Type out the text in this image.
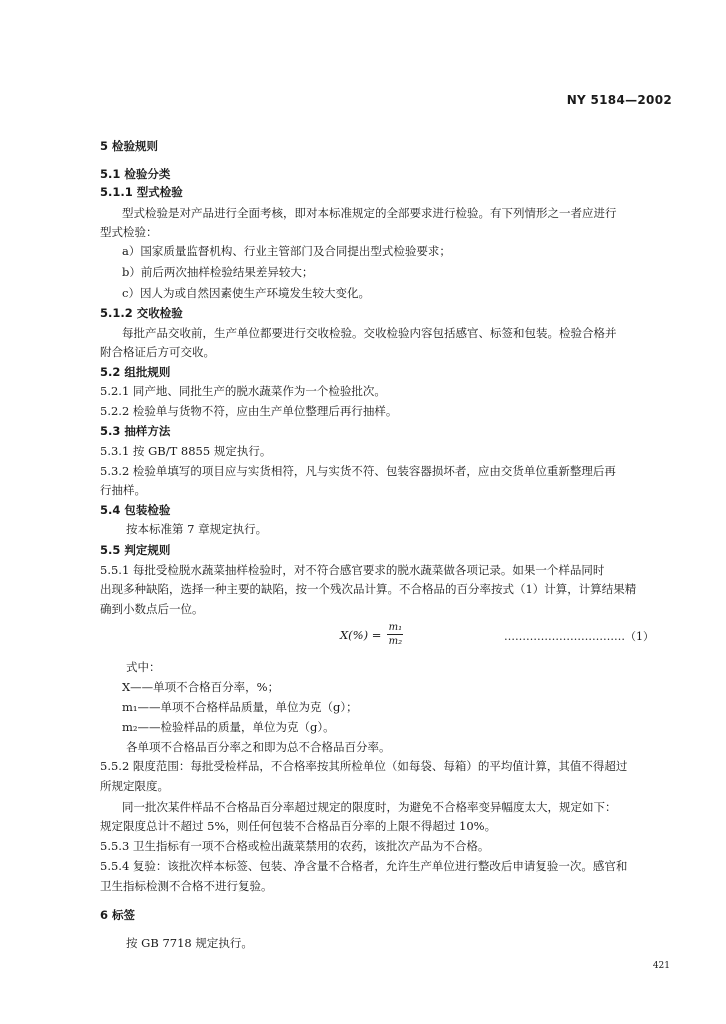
NY 5184—2002
5 检验规则
5.1 检验分类
5.1.1 型式检验
型式检验是对产品进行全面考核，即对本标准规定的全部要求进行检验。有下列情形之一者应进行
型式检验：
a）国家质量监督机构、行业主管部门及合同提出型式检验要求；
b）前后两次抽样检验结果差异较大；
c）因人为或自然因素使生产环境发生较大变化。
5.1.2 交收检验
每批产品交收前，生产单位都要进行交收检验。交收检验内容包括感官、标签和包装。检验合格并
附合格证后方可交收。
5.2 组批规则
5.2.1 同产地、同批生产的脱水蔬菜作为一个检验批次。
5.2.2 检验单与货物不符，应由生产单位整理后再行抽样。
5.3 抽样方法
5.3.1 按 GB/T 8855 规定执行。
5.3.2 检验单填写的项目应与实货相符，凡与实货不符、包装容器损坏者，应由交货单位重新整理后再
行抽样。
5.4 包装检验
按本标准第 7 章规定执行。
5.5 判定规则
5.5.1 每批受检脱水蔬菜抽样检验时，对不符合感官要求的脱水蔬菜做各项记录。如果一个样品同时
出现多种缺陷，选择一种主要的缺陷，按一个残次品计算。不合格品的百分率按式（1）计算，计算结果精
确到小数点后一位。
$X(\%) = \frac{\text{m₁}}{\text{m₂}}$	……………………………（1）
式中：
X——单项不合格百分率，%；
m₁——单项不合格样品质量，单位为克（g）；
m₂——检验样品的质量，单位为克（g）。
各单项不合格品百分率之和即为总不合格品百分率。
5.5.2 限度范围：每批受检样品，不合格率按其所检单位（如每袋、每箱）的平均值计算，其值不得超过
所规定限度。
同一批次某件样品不合格品百分率超过规定的限度时，为避免不合格率变异幅度太大，规定如下：
规定限度总计不超过 5%，则任何包装不合格品百分率的上限不得超过 10%。
5.5.3 卫生指标有一项不合格或检出蔬菜禁用的农药，该批次产品为不合格。
5.5.4 复验：该批次样本标签、包装、净含量不合格者，允许生产单位进行整改后申请复验一次。感官和
卫生指标检测不合格不进行复验。
6 标签
按 GB 7718 规定执行。
421
